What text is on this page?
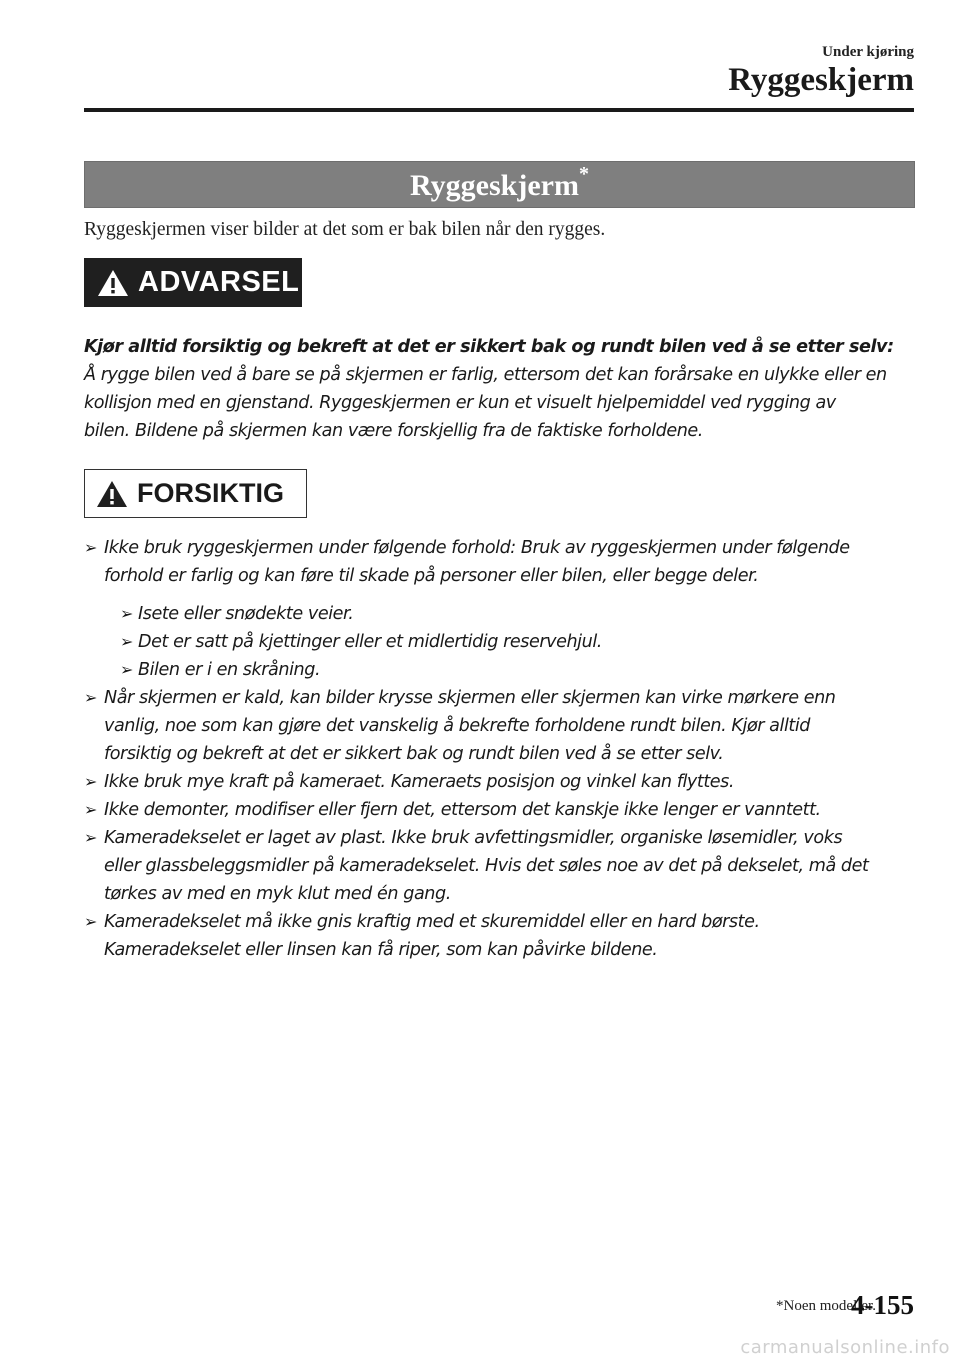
Under kjøring
Ryggeskjerm
Ryggeskjerm*
Ryggeskjermen viser bilder at det som er bak bilen når den rygges.
ADVARSEL
Kjør alltid forsiktig og bekreft at det er sikkert bak og rundt bilen ved å se etter selv:
Å rygge bilen ved å bare se på skjermen er farlig, ettersom det kan forårsake en ulykke eller en
kollisjon med en gjenstand. Ryggeskjermen er kun et visuelt hjelpemiddel ved rygging av
bilen. Bildene på skjermen kan være forskjellig fra de faktiske forholdene.
FORSIKTIG
➢ Ikke bruk ryggeskjermen under følgende forhold: Bruk av ryggeskjermen under følgende
forhold er farlig og kan føre til skade på personer eller bilen, eller begge deler.
➢ Isete eller snødekte veier.
➢ Det er satt på kjettinger eller et midlertidig reservehjul.
➢ Bilen er i en skråning.
➢ Når skjermen er kald, kan bilder krysse skjermen eller skjermen kan virke mørkere enn
vanlig, noe som kan gjøre det vanskelig å bekrefte forholdene rundt bilen. Kjør alltid
forsiktig og bekreft at det er sikkert bak og rundt bilen ved å se etter selv.
➢ Ikke bruk mye kraft på kameraet. Kameraets posisjon og vinkel kan flyttes.
➢ Ikke demonter, modifiser eller fjern det, ettersom det kanskje ikke lenger er vanntett.
➢ Kameradekselet er laget av plast. Ikke bruk avfettingsmidler, organiske løsemidler, voks
eller glassbeleggsmidler på kameradekselet. Hvis det søles noe av det på dekselet, må det
tørkes av med en myk klut med én gang.
➢ Kameradekselet må ikke gnis kraftig med et skuremiddel eller en hard børste.
Kameradekselet eller linsen kan få riper, som kan påvirke bildene.
*Noen modeller.
4-155
carmanualsonline.info
